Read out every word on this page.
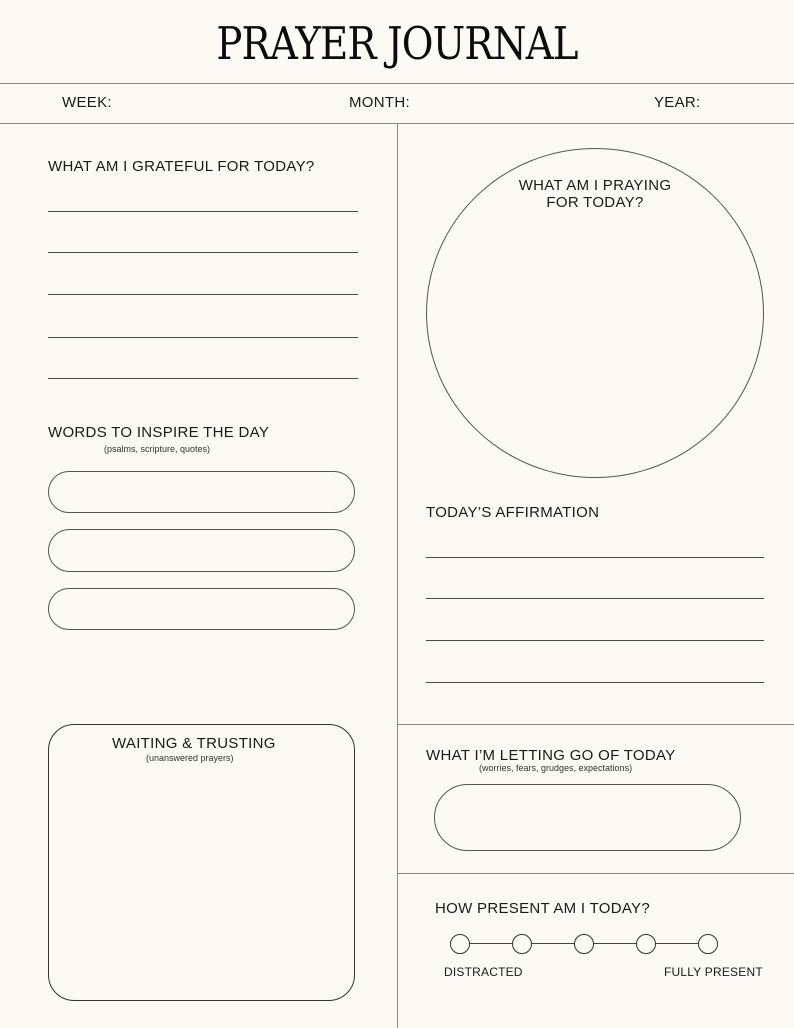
PRAYER JOURNAL
WEEK:	MONTH:	YEAR:
WHAT AM I GRATEFUL FOR TODAY?
WORDS TO INSPIRE THE DAY
(psalms, scripture, quotes)
WAITING & TRUSTING
(unanswered prayers)
WHAT AM I PRAYING
FOR TODAY?
TODAY’S AFFIRMATION
WHAT I’M LETTING GO OF TODAY
(worries, fears, grudges, expectations)
HOW PRESENT AM I TODAY?
DISTRACTED	FULLY PRESENT
